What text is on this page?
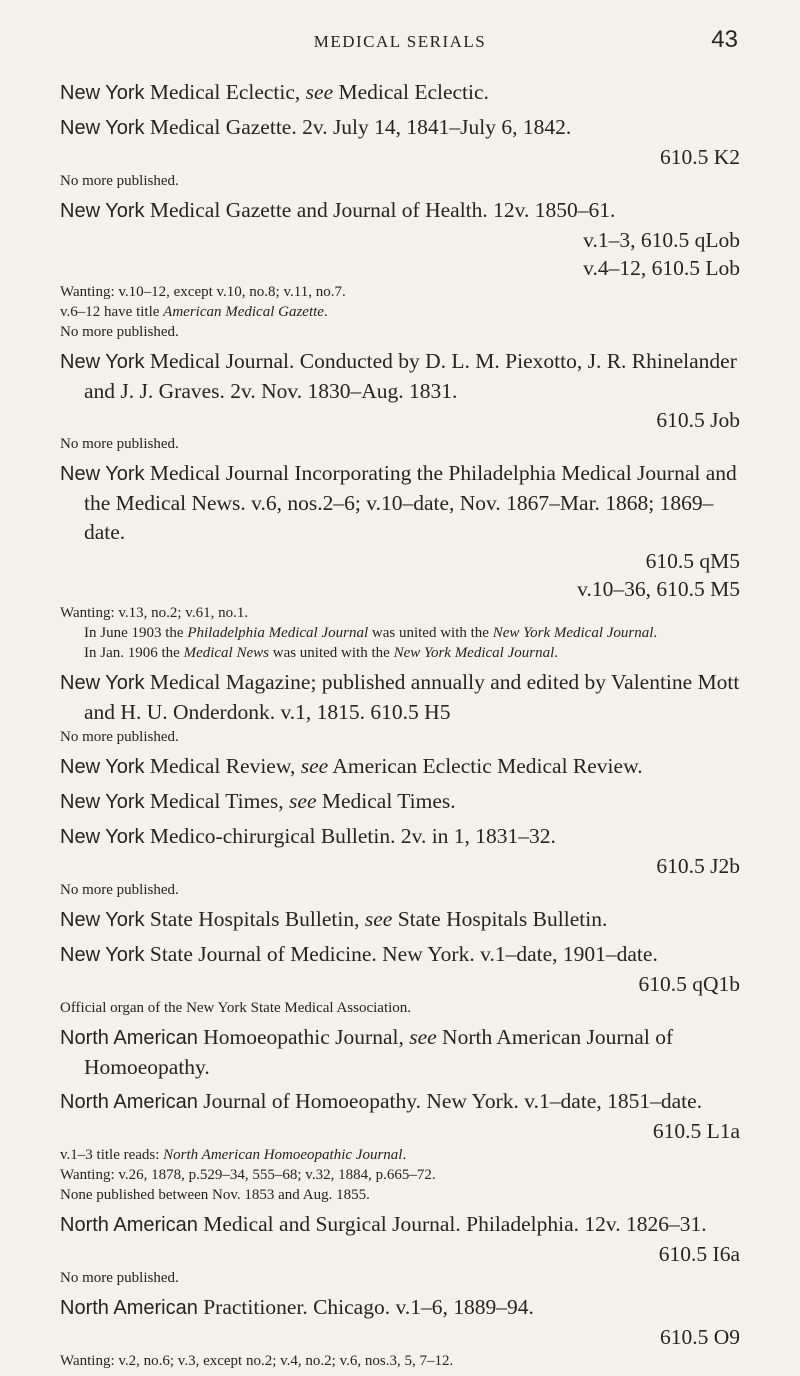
MEDICAL SERIALS	43

New York Medical Eclectic, see Medical Eclectic.

New York Medical Gazette. 2v. July 14, 1841–July 6, 1842.

610.5 K2

No more published.

New York Medical Gazette and Journal of Health. 12v. 1850–61.

v.1–3, 610.5 qLob

v.4–12, 610.5 Lob

Wanting: v.10–12, except v.10, no.8; v.11, no.7.

v.6–12 have title American Medical Gazette.

No more published.

New York Medical Journal. Conducted by D. L. M. Piexotto, J. R. Rhinelander and J. J. Graves. 2v. Nov. 1830–Aug. 1831.

610.5 Job

No more published.

New York Medical Journal Incorporating the Philadelphia Medical Journal and the Medical News. v.6, nos.2–6; v.10–date, Nov. 1867–Mar. 1868; 1869–date.

610.5 qM5

v.10–36, 610.5 M5

Wanting: v.13, no.2; v.61, no.1.

In June 1903 the Philadelphia Medical Journal was united with the New York Medical Journal.

In Jan. 1906 the Medical News was united with the New York Medical Journal.

New York Medical Magazine; published annually and edited by Valentine Mott and H. U. Onderdonk. v.1, 1815. 610.5 H5

No more published.

New York Medical Review, see American Eclectic Medical Review.

New York Medical Times, see Medical Times.

New York Medico-chirurgical Bulletin. 2v. in 1, 1831–32.

610.5 J2b

No more published.

New York State Hospitals Bulletin, see State Hospitals Bulletin.

New York State Journal of Medicine. New York. v.1–date, 1901–date.

610.5 qQ1b

Official organ of the New York State Medical Association.

North American Homoeopathic Journal, see North American Journal of Homoeopathy.

North American Journal of Homoeopathy. New York. v.1–date, 1851–date.

610.5 L1a

v.1–3 title reads: North American Homoeopathic Journal.

Wanting: v.26, 1878, p.529–34, 555–68; v.32, 1884, p.665–72.

None published between Nov. 1853 and Aug. 1855.

North American Medical and Surgical Journal. Philadelphia. 12v. 1826–31.

610.5 I6a

No more published.

North American Practitioner. Chicago. v.1–6, 1889–94.

610.5 O9

Wanting: v.2, no.6; v.3, except no.2; v.4, no.2; v.6, nos.3, 5, 7–12.
